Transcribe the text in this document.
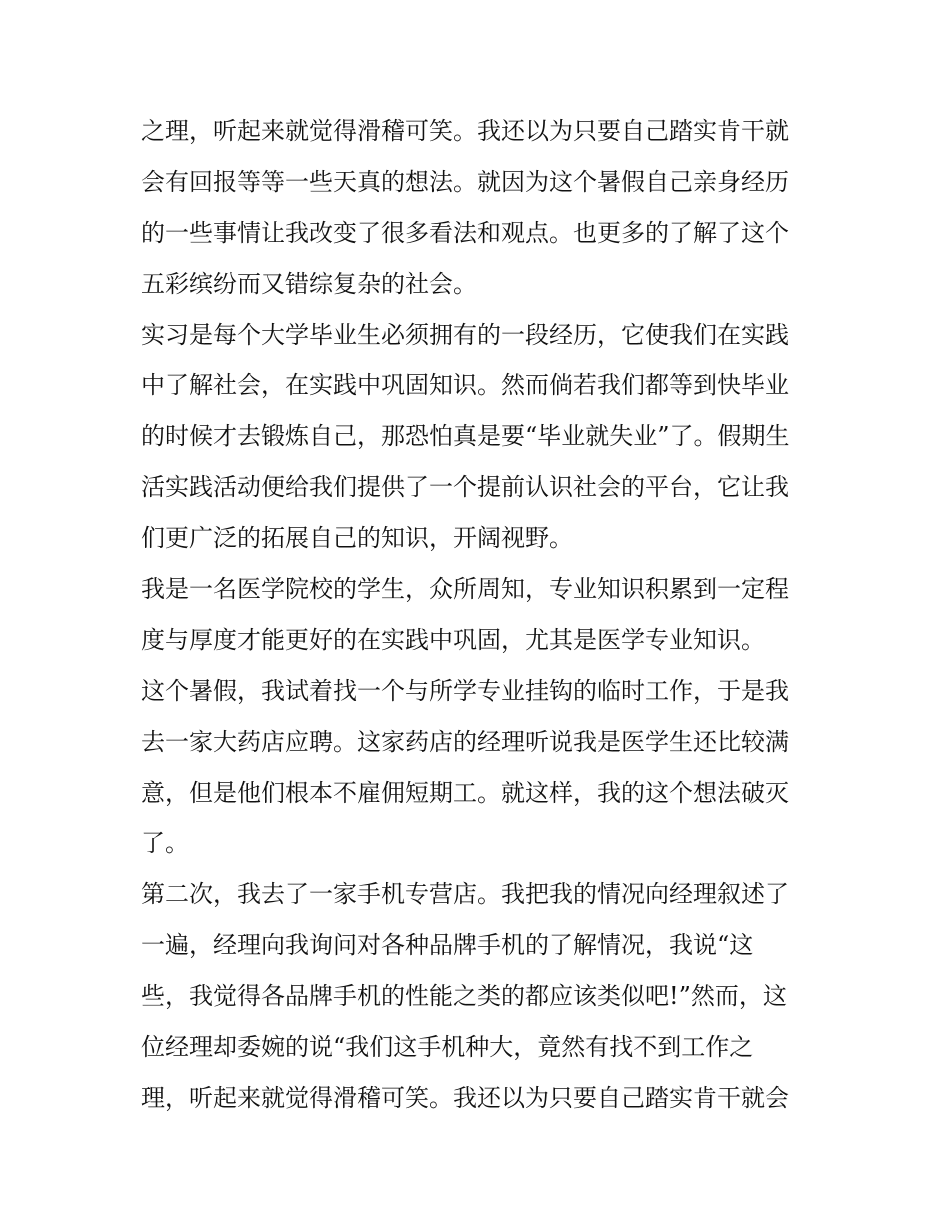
之理，听起来就觉得滑稽可笑。我还以为只要自己踏实肯干就
会有回报等等一些天真的想法。就因为这个暑假自己亲身经历
的一些事情让我改变了很多看法和观点。也更多的了解了这个
五彩缤纷而又错综复杂的社会。
实习是每个大学毕业生必须拥有的一段经历，它使我们在实践
中了解社会，在实践中巩固知识。然而倘若我们都等到快毕业
的时候才去锻炼自己，那恐怕真是要“毕业就失业”了。假期生
活实践活动便给我们提供了一个提前认识社会的平台，它让我
们更广泛的拓展自己的知识，开阔视野。
我是一名医学院校的学生，众所周知，专业知识积累到一定程
度与厚度才能更好的在实践中巩固，尤其是医学专业知识。
这个暑假，我试着找一个与所学专业挂钩的临时工作，于是我
去一家大药店应聘。这家药店的经理听说我是医学生还比较满
意，但是他们根本不雇佣短期工。就这样，我的这个想法破灭
了。
第二次，我去了一家手机专营店。我把我的情况向经理叙述了
一遍，经理向我询问对各种品牌手机的了解情况，我说“这
些，我觉得各品牌手机的性能之类的都应该类似吧!”然而，这
位经理却委婉的说“我们这手机种大，竟然有找不到工作之
理，听起来就觉得滑稽可笑。我还以为只要自己踏实肯干就会
